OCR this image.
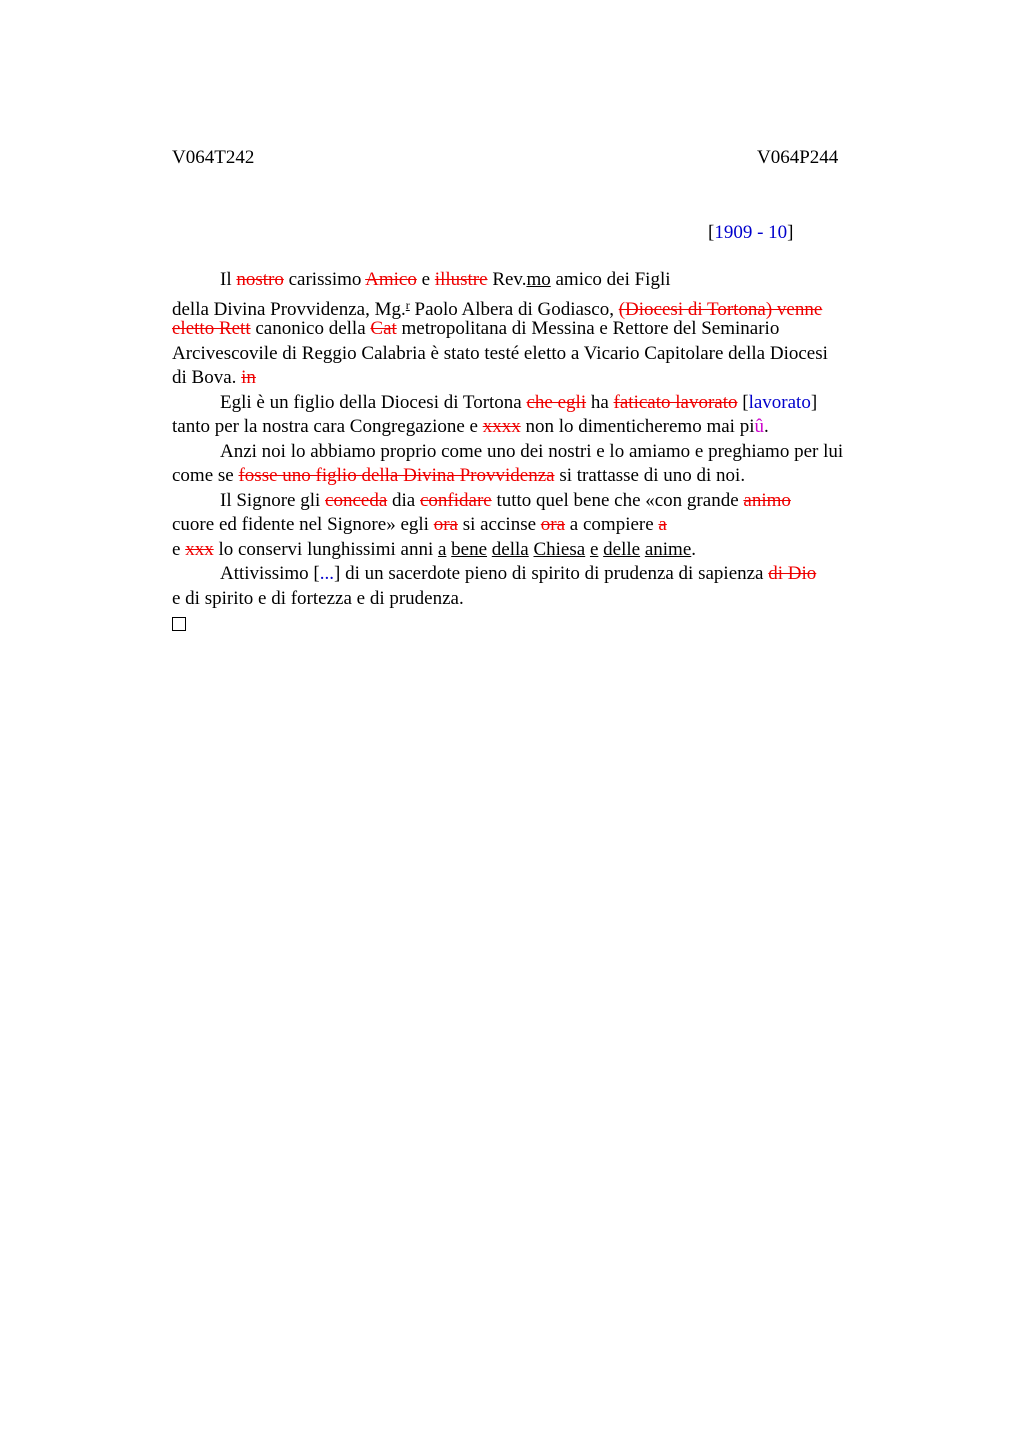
V064T242	V064P244
[1909 - 10]
Il nostro carissimo Amico e illustre Rev.mo amico dei Figli
della Divina Provvidenza, Mg.$^r$ Paolo Albera di Godiasco, (Diocesi di Tortona) venne
eletto Rett canonico della Cat metropolitana di Messina e Rettore del Seminario
Arcivescovile di Reggio Calabria è stato testé eletto a Vicario Capitolare della Diocesi
di Bova. in
Egli è un figlio della Diocesi di Tortona che egli ha faticato lavorato [lavorato]
tanto per la nostra cara Congregazione e xxxx non lo dimenticheremo mai piû.
Anzi noi lo abbiamo proprio come uno dei nostri e lo amiamo e preghiamo per lui
come se fosse uno figlio della Divina Provvidenza si trattasse di uno di noi.
Il Signore gli conceda dia confidare tutto quel bene che «con grande animo
cuore ed fidente nel Signore» egli ora si accinse ora a compiere a
e xxx lo conservi lunghissimi anni a bene della Chiesa e delle anime.
Attivissimo [...] di un sacerdote pieno di spirito di prudenza di sapienza di Dio
e di spirito e di fortezza e di prudenza.
